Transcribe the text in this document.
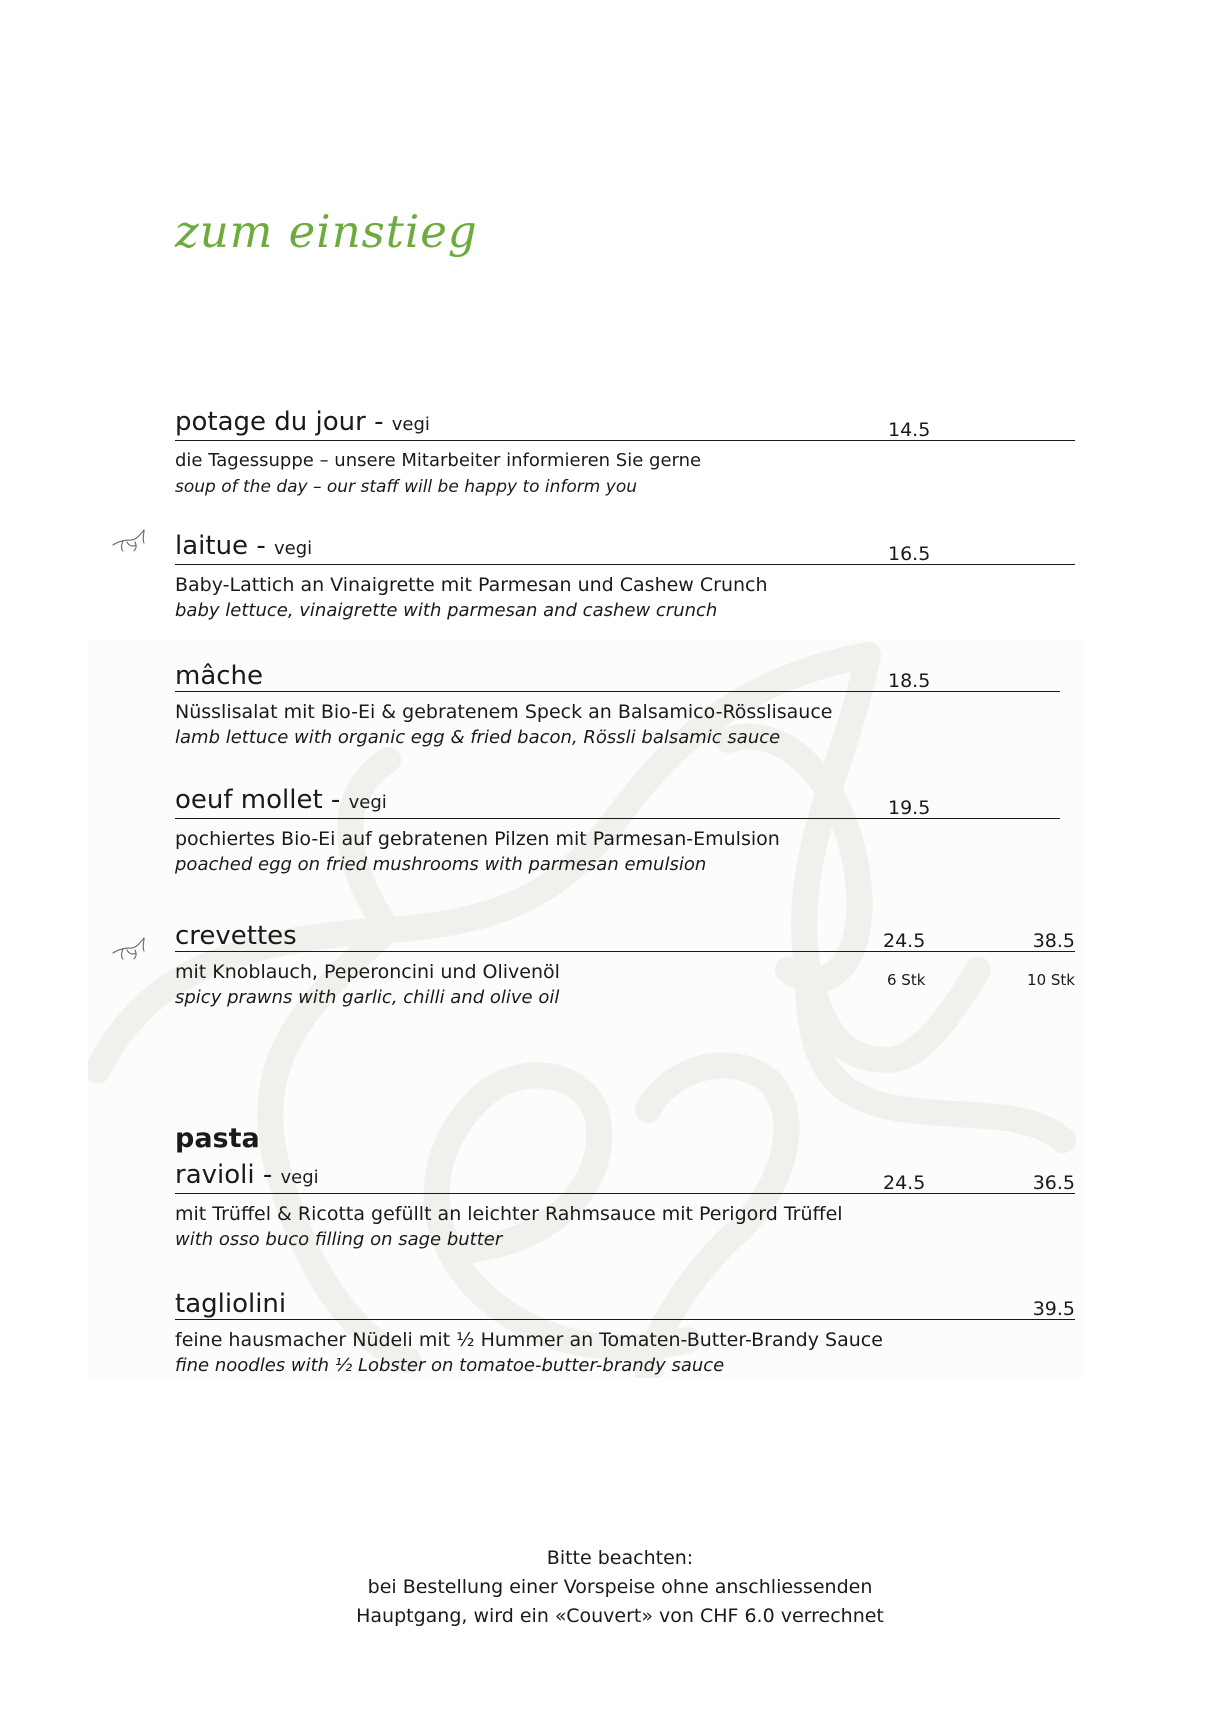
zum einstieg
potage du jour - vegi	14.5
die Tagessuppe – unsere Mitarbeiter informieren Sie gerne
soup of the day – our staff will be happy to inform you
laitue - vegi	16.5
Baby-Lattich an Vinaigrette mit Parmesan und Cashew Crunch
baby lettuce, vinaigrette with parmesan and cashew crunch
mâche	18.5
Nüsslisalat mit Bio-Ei & gebratenem Speck an Balsamico-Rösslisauce
lamb lettuce with organic egg & fried bacon, Rössli balsamic sauce
oeuf mollet - vegi	19.5
pochiertes Bio-Ei auf gebratenen Pilzen mit Parmesan-Emulsion
poached egg on fried mushrooms with parmesan emulsion
crevettes	24.5	38.5
mit Knoblauch, Peperoncini und Olivenöl	6 Stk	10 Stk
spicy prawns with garlic, chilli and olive oil
pasta
ravioli - vegi	24.5	36.5
mit Trüffel & Ricotta gefüllt an leichter Rahmsauce mit Perigord Trüffel
with osso buco filling on sage butter
tagliolini	39.5
feine hausmacher Nüdeli mit ½ Hummer an Tomaten-Butter-Brandy Sauce
fine noodles with ½ Lobster on tomatoe-butter-brandy sauce
Bitte beachten:
bei Bestellung einer Vorspeise ohne anschliessenden
Hauptgang, wird ein «Couvert» von CHF 6.0 verrechnet
